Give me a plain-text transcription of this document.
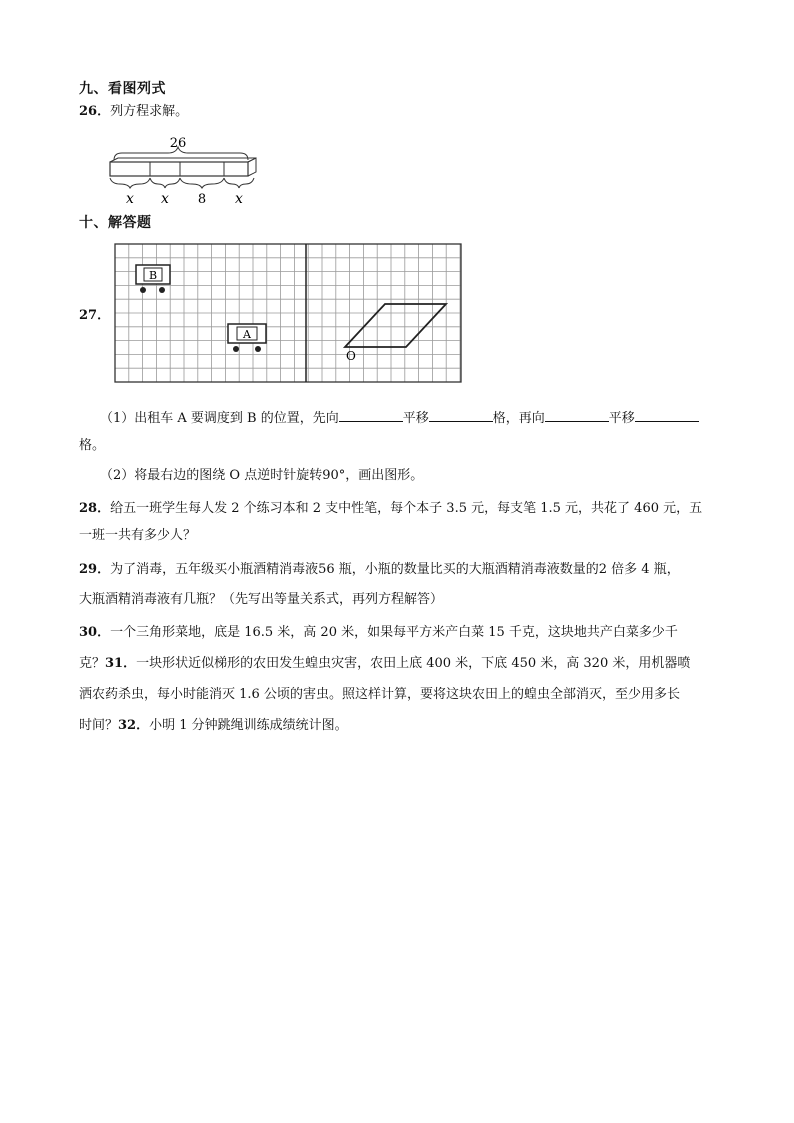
九、看图列式
26．列方程求解。
26
x x 8 x
十、解答题
27．
B
A
O
（1）出租车 A 要调度到 B 的位置，先向	平移	格，再向	平移
格。
（2）将最右边的图绕 O 点逆时针旋转90°，画出图形。
28．给五一班学生每人发 2 个练习本和 2 支中性笔，每个本子 3.5 元，每支笔 1.5 元，共花了 460 元，五
一班一共有多少人？
29．为了消毒，五年级买小瓶酒精消毒液56 瓶，小瓶的数量比买的大瓶酒精消毒液数量的2 倍多 4 瓶，
大瓶酒精消毒液有几瓶？（先写出等量关系式，再列方程解答）
30．一个三角形菜地，底是 16.5 米，高 20 米，如果每平方米产白菜 15 千克，这块地共产白菜多少千
克？31．一块形状近似梯形的农田发生蝗虫灾害，农田上底 400 米，下底 450 米，高 320 米，用机器喷
洒农药杀虫，每小时能消灭 1.6 公顷的害虫。照这样计算，要将这块农田上的蝗虫全部消灭，至少用多长
时间？32．小明 1 分钟跳绳训练成绩统计图。
